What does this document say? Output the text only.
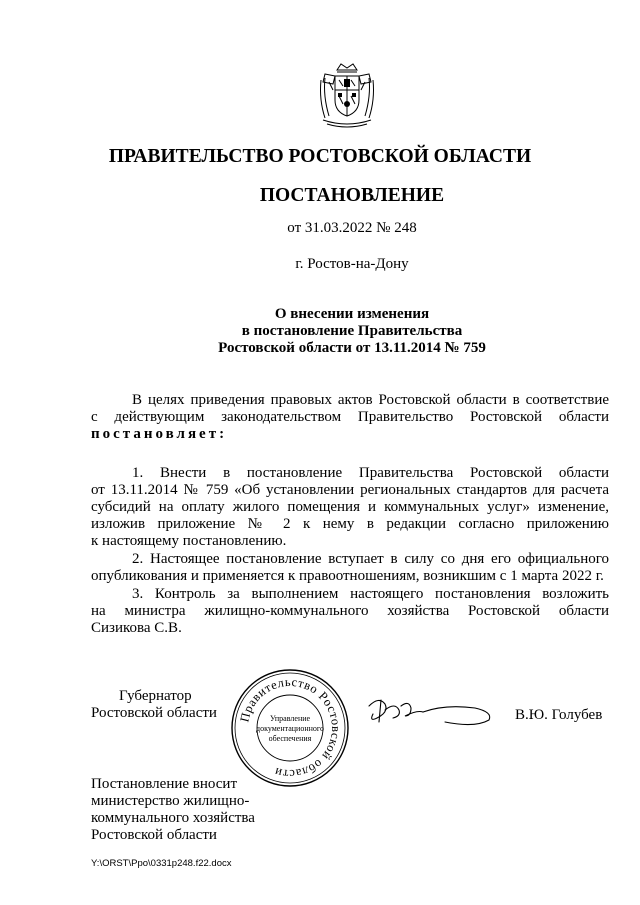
ПРАВИТЕЛЬСТВО РОСТОВСКОЙ ОБЛАСТИ
ПОСТАНОВЛЕНИЕ
от 31.03.2022 № 248
г. Ростов-на-Дону
О внесении изменения
в постановление Правительства
Ростовской области от 13.11.2014 № 759

В целях приведения правовых актов Ростовской области в соответствие

с действующим законодательством Правительство Ростовской области

постановляет:

1. Внести в постановление Правительства Ростовской области

от 13.11.2014 № 759 «Об установлении региональных стандартов для расчета

субсидий на оплату жилого помещения и коммунальных услуг» изменение,

изложив приложение № 2 к нему в редакции согласно приложению

к настоящему постановлению.

2. Настоящее постановление вступает в силу со дня его официального

опубликования и применяется к правоотношениям, возникшим с 1 марта 2022 г.

3. Контроль за выполнением настоящего постановления возложить

на министра жилищно-коммунального хозяйства Ростовской области

Сизикова С.В.

Губернатор
Ростовской области Правительство Ростовской области
Управление
документационного
обеспечения
В.Ю. Голубев
Постановление вносит
министерство жилищно-
коммунального хозяйства
Ростовской области
Y:\ORST\Ppo\0331p248.f22.docx
